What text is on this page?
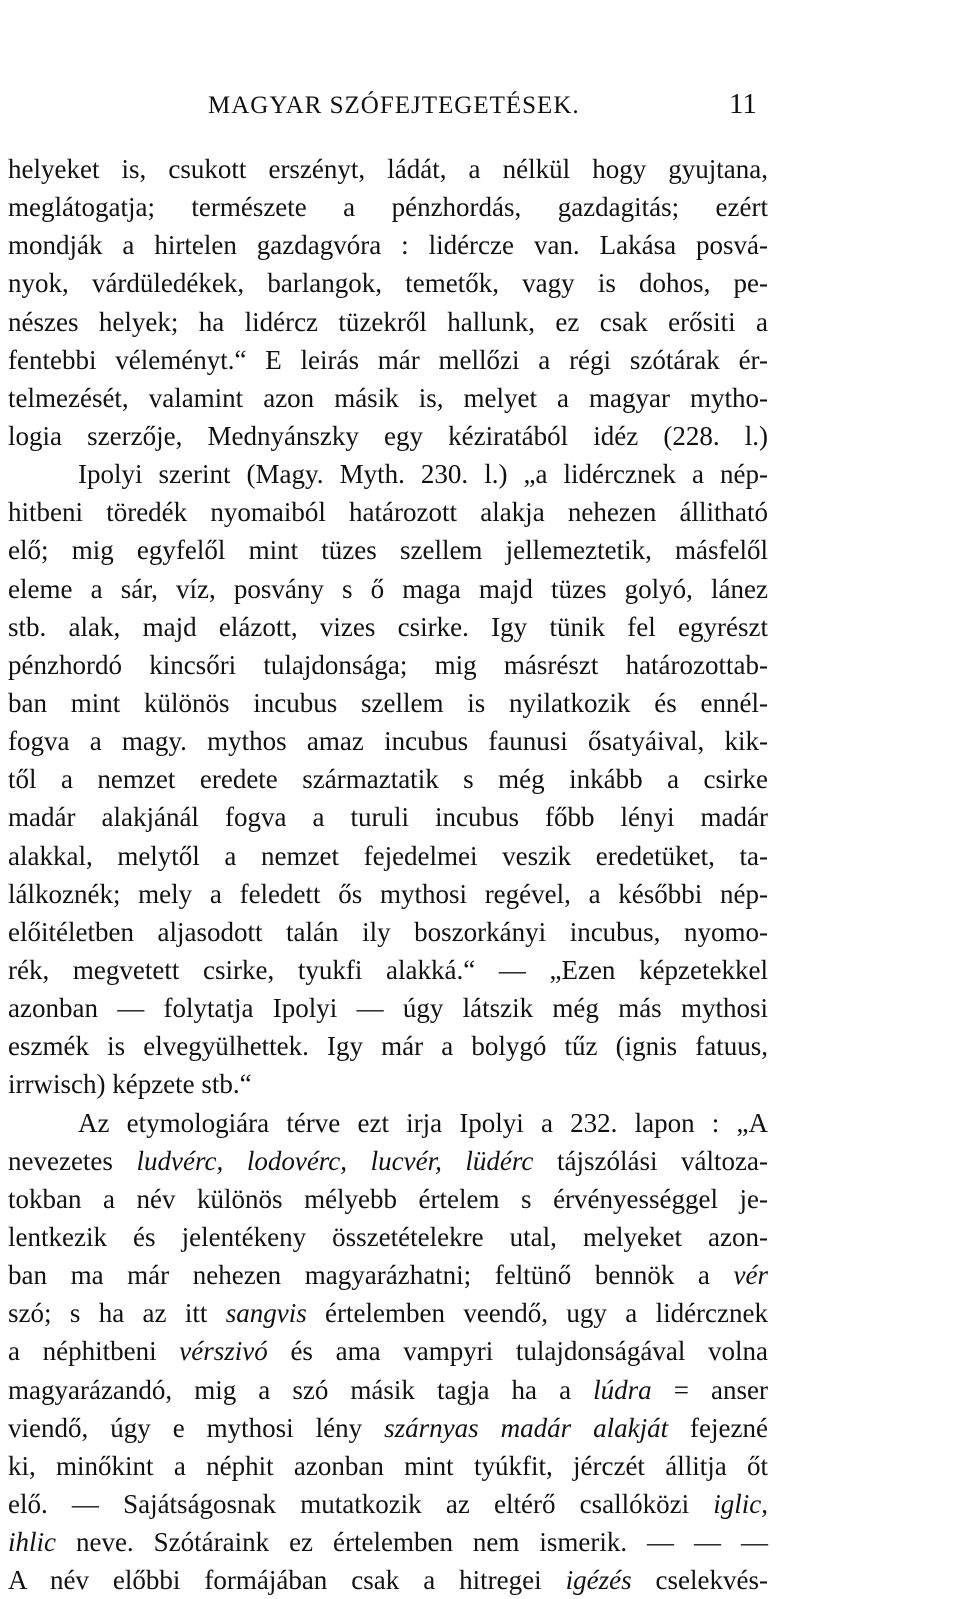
MAGYAR SZÓFEJTEGETÉSEK.	11
helyeket is, csukott erszényt, ládát, a nélkül hogy gyujtana,
meglátogatja; természete a pénzhordás, gazdagitás; ezért
mondják a hirtelen gazdagvóra : lidércze van. Lakása posvá-
nyok, várdüledékek, barlangok, temetők, vagy is dohos, pe-
nészes helyek; ha lidércz tüzekről hallunk, ez csak erősiti a
fentebbi véleményt.“ E leirás már mellőzi a régi szótárak ér-
telmezését, valamint azon másik is, melyet a magyar mytho-
logia szerzője, Mednyánszky egy kéziratából idéz (228. l.)
Ipolyi szerint (Magy. Myth. 230. l.) „a lidércznek a nép-
hitbeni töredék nyomaiból határozott alakja nehezen állitható
elő; mig egyfelől mint tüzes szellem jellemeztetik, másfelől
eleme a sár, víz, posvány s ő maga majd tüzes golyó, lánez
stb. alak, majd elázott, vizes csirke. Igy tünik fel egyrészt
pénzhordó kincsőri tulajdonsága; mig másrészt határozottab-
ban mint különös incubus szellem is nyilatkozik és ennél-
fogva a magy. mythos amaz incubus faunusi ősatyáival, kik-
től a nemzet eredete származtatik s még inkább a csirke
madár alakjánál fogva a turuli incubus főbb lényi madár
alakkal, melytől a nemzet fejedelmei veszik eredetüket, ta-
lálkoznék; mely a feledett ős mythosi regével, a későbbi nép-
előitéletben aljasodott talán ily boszorkányi incubus, nyomo-
rék, megvetett csirke, tyukfi alakká.“ — „Ezen képzetekkel
azonban — folytatja Ipolyi — úgy látszik még más mythosi
eszmék is elvegyülhettek. Igy már a bolygó tűz (ignis fatuus,
irrwisch) képzete stb.“
Az etymologiára térve ezt irja Ipolyi a 232. lapon : „A
nevezetes ludvérc, lodovérc, lucvér, lüdérc tájszólási változa-
tokban a név különös mélyebb értelem s érvényességgel je-
lentkezik és jelentékeny összetételekre utal, melyeket azon-
ban ma már nehezen magyarázhatni; feltünő bennök a vér
szó; s ha az itt sangvis értelemben veendő, ugy a lidércznek
a néphitbeni vérszivó és ama vampyri tulajdonságával volna
magyarázandó, mig a szó másik tagja ha a lúdra = anser
viendő, úgy e mythosi lény szárnyas madár alakját fejezné
ki, minőkint a néphit azonban mint tyúkfit, jérczét állitja őt
elő. — Sajátságosnak mutatkozik az eltérő csallóközi iglic,
ihlic neve. Szótáraink ez értelemben nem ismerik. — — —
A név előbbi formájában csak a hitregei igézés cselekvés-
